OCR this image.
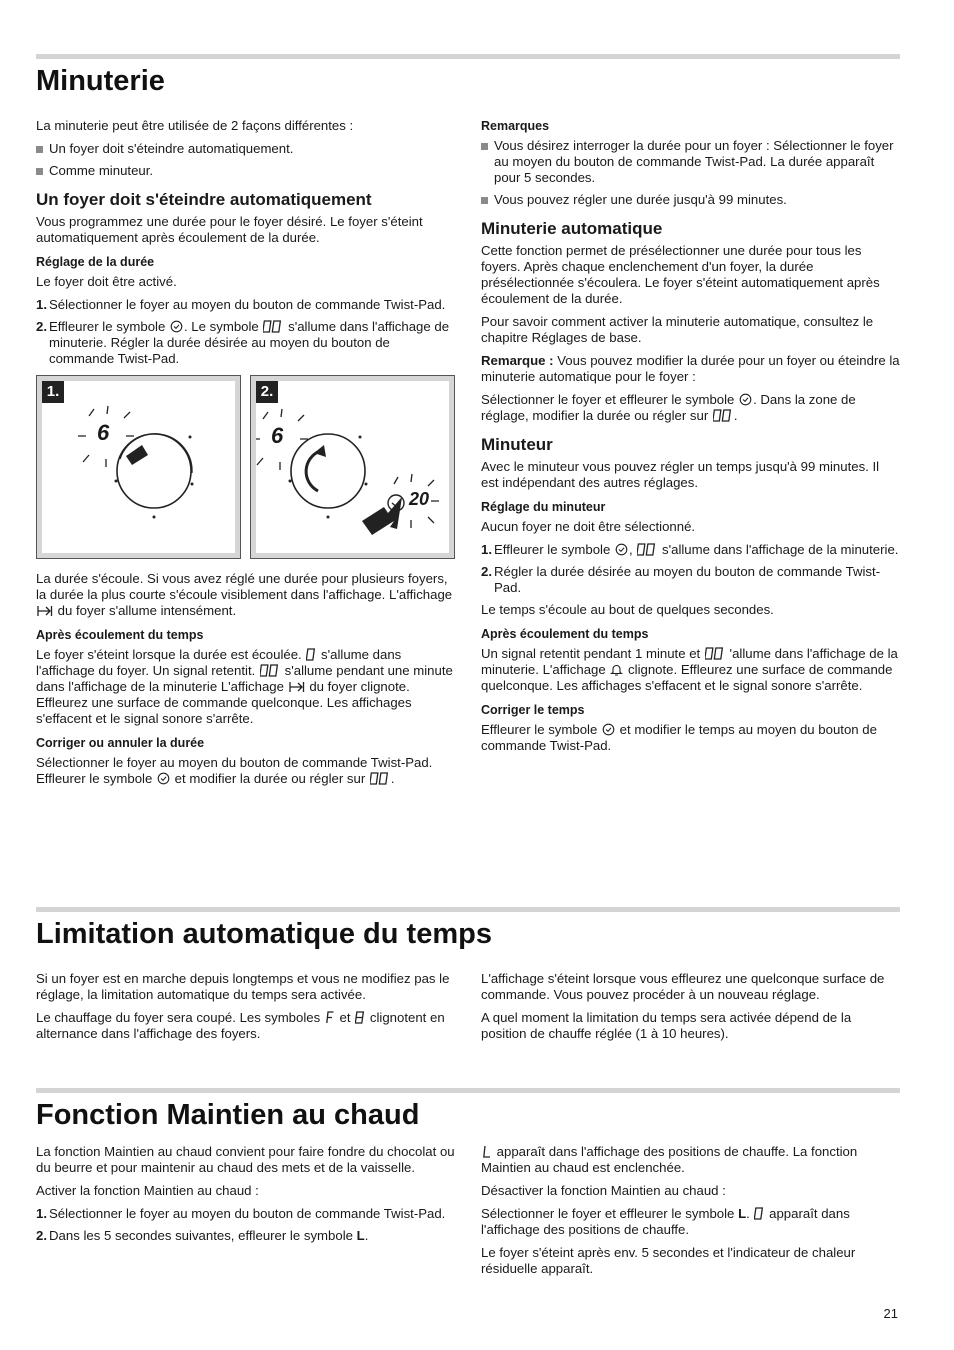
Minuterie

La minuterie peut être utilisée de 2 façons différentes :

Un foyer doit s'éteindre automatiquement.
Comme minuteur.
Un foyer doit s'éteindre automatiquement

Vous programmez une durée pour le foyer désiré. Le foyer s'éteint automatiquement après écoulement de la durée.

Réglage de la durée

Le foyer doit être activé.

1. Sélectionner le foyer au moyen du bouton de commande Twist-Pad.
2. Effleurer le symbole . Le symbole s'allume dans l'affichage de minuterie. Régler la durée désirée au moyen du bouton de commande Twist-Pad.
6
1.
6
20
2.

La durée s'écoule. Si vous avez réglé une durée pour plusieurs foyers, la durée la plus courte s'écoule visiblement dans l'affichage. L'affichage  du foyer s'allume intensément.

Après écoulement du temps

Le foyer s'éteint lorsque la durée est écoulée. s'allume dans l'affichage du foyer. Un signal retentit. s'allume pendant une minute dans l'affichage de la minuterie L'affichage du foyer clignote. Effleurez une surface de commande quelconque. Les affichages s'effacent et le signal sonore s'arrête.

Corriger ou annuler la durée

Sélectionner le foyer au moyen du bouton de commande Twist-Pad. Effleurer le symbole et modifier la durée ou régler sur .

Remarques
Vous désirez interroger la durée pour un foyer : Sélectionner le foyer au moyen du bouton de commande Twist-Pad. La durée apparaît pour 5 secondes.
Vous pouvez régler une durée jusqu'à 99 minutes.
Minuterie automatique

Cette fonction permet de présélectionner une durée pour tous les foyers. Après chaque enclenchement d'un foyer, la durée présélectionnée s'écoulera. Le foyer s'éteint automatiquement après écoulement de la durée.

Pour savoir comment activer la minuterie automatique, consultez le chapitre Réglages de base.

Remarque : Vous pouvez modifier la durée pour un foyer ou éteindre la minuterie automatique pour le foyer :

Sélectionner le foyer et effleurer le symbole . Dans la zone de réglage, modifier la durée ou régler sur .

Minuteur

Avec le minuteur vous pouvez régler un temps jusqu'à 99 minutes. Il est indépendant des autres réglages.

Réglage du minuteur

Aucun foyer ne doit être sélectionné.

1. Effleurer le symbole , s'allume dans l'affichage de la minuterie.
2. Régler la durée désirée au moyen du bouton de commande Twist-Pad.

Le temps s'écoule au bout de quelques secondes.

Après écoulement du temps

Un signal retentit pendant 1 minute et 'allume dans l'affichage de la minuterie. L'affichage clignote. Effleurez une surface de commande quelconque. Les affichages s'effacent et le signal sonore s'arrête.

Corriger le temps

Effleurer le symbole et modifier le temps au moyen du bouton de commande Twist-Pad.

Limitation automatique du temps

Si un foyer est en marche depuis longtemps et vous ne modifiez pas le réglage, la limitation automatique du temps sera activée.

Le chauffage du foyer sera coupé. Les symboles et clignotent en alternance dans l'affichage des foyers.

L'affichage s'éteint lorsque vous effleurez une quelconque surface de commande. Vous pouvez procéder à un nouveau réglage.

A quel moment la limitation du temps sera activée dépend de la position de chauffe réglée (1 à 10 heures).

Fonction Maintien au chaud

La fonction Maintien au chaud convient pour faire fondre du chocolat ou du beurre et pour maintenir au chaud des mets et de la vaisselle.

Activer la fonction Maintien au chaud :

1. Sélectionner le foyer au moyen du bouton de commande Twist-Pad.
2. Dans les 5 secondes suivantes, effleurer le symbole L.

apparaît dans l'affichage des positions de chauffe. La fonction Maintien au chaud est enclenchée.

Désactiver la fonction Maintien au chaud :

Sélectionner le foyer et effleurer le symbole L. apparaît dans l'affichage des positions de chauffe.

Le foyer s'éteint après env. 5 secondes et l'indicateur de chaleur résiduelle apparaît.

21
